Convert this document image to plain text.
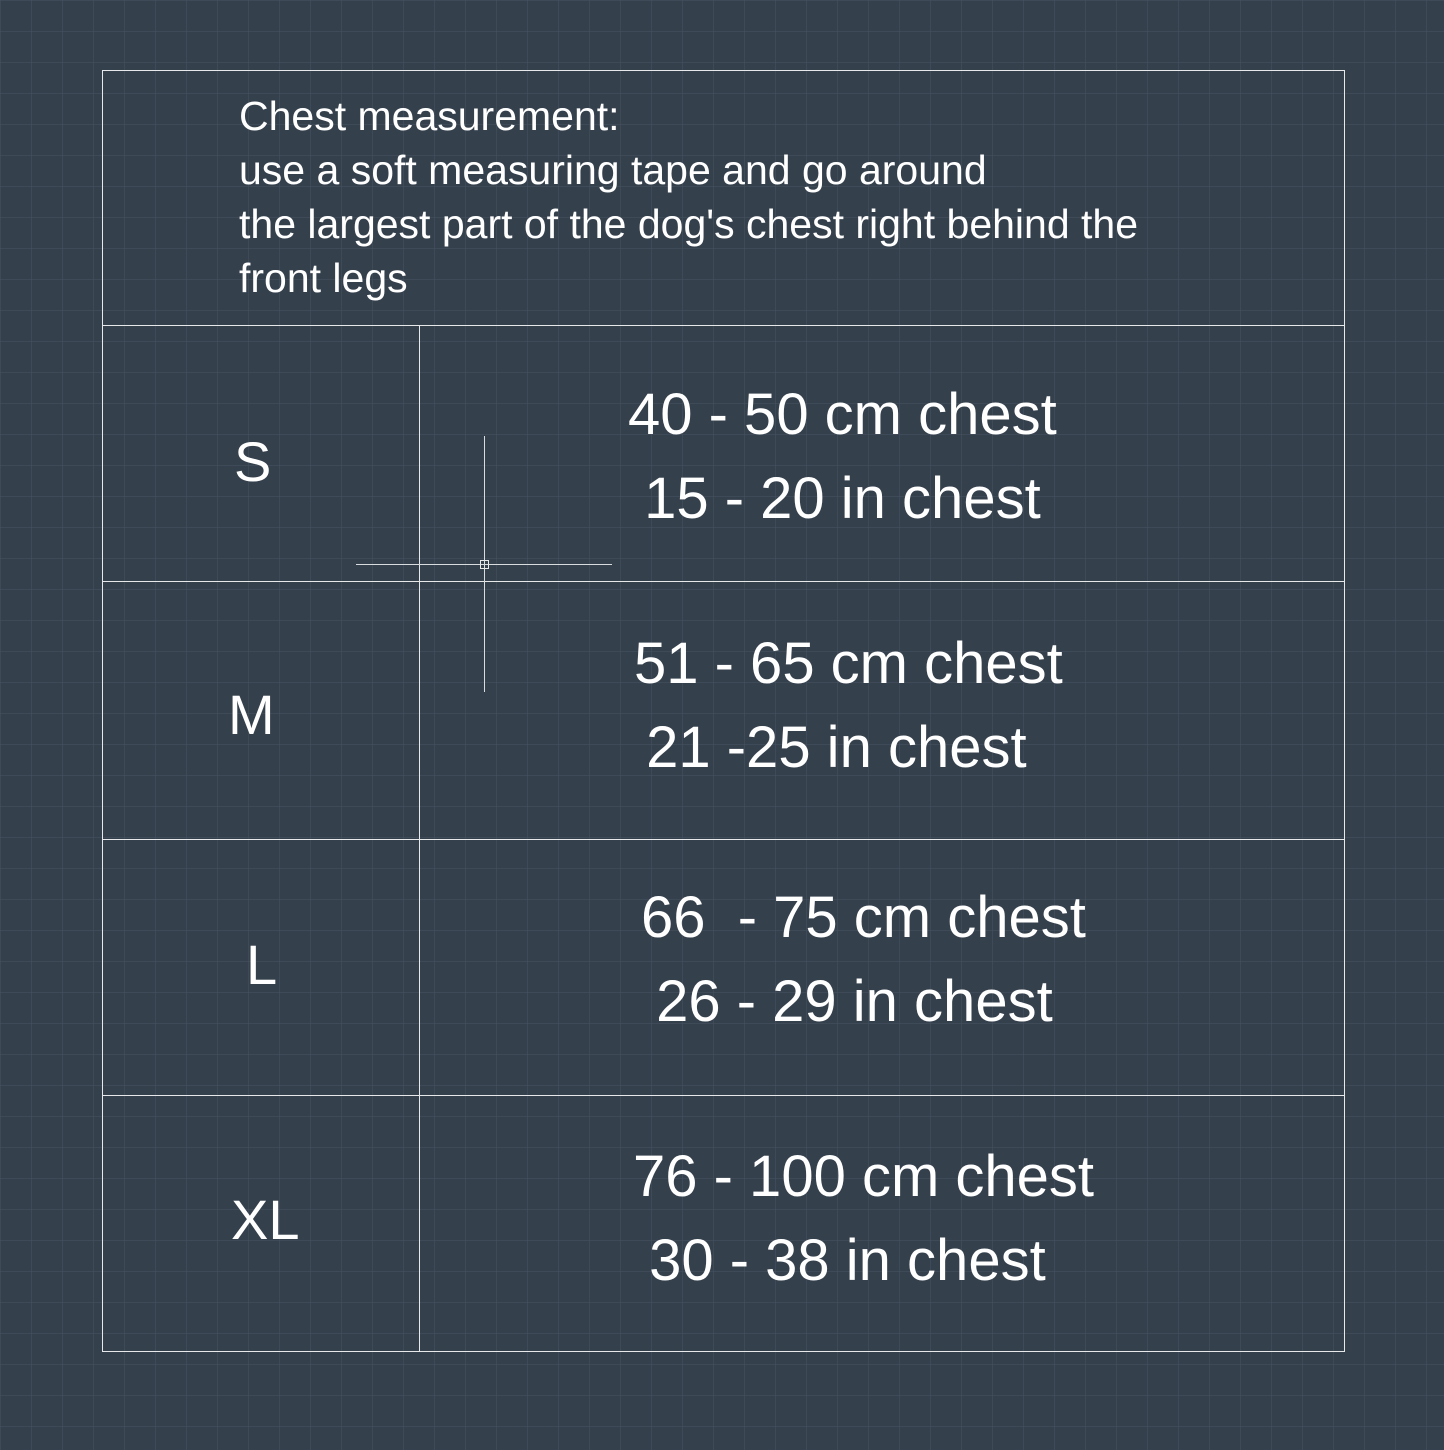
Chest measurement:
use a soft measuring tape and go around
the largest part of the dog's chest right behind the
front legs
S
40 - 50 cm chest
15 - 20 in chest
M
51 - 65 cm chest
21 -25 in chest
L
66  - 75 cm chest
26 - 29 in chest
XL
76 - 100 cm chest
30 - 38 in chest
